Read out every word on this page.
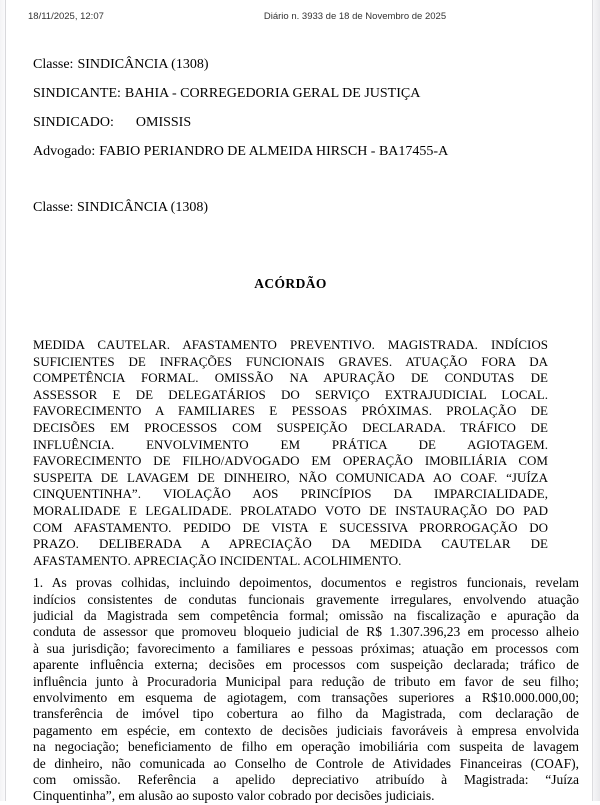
18/11/2025, 12:07	Diário n. 3933 de 18 de Novembro de 2025
Classe: SINDICÂNCIA (1308)
SINDICANTE: BAHIA - CORREGEDORIA GERAL DE JUSTIÇA
SINDICADO: OMISSIS
Advogado: FABIO PERIANDRO DE ALMEIDA HIRSCH - BA17455-A
Classe: SINDICÂNCIA (1308)
ACÓRDÃO
MEDIDA CAUTELAR. AFASTAMENTO PREVENTIVO. MAGISTRADA. INDÍCIOS
SUFICIENTES DE INFRAÇÕES FUNCIONAIS GRAVES. ATUAÇÃO FORA DA
COMPETÊNCIA FORMAL. OMISSÃO NA APURAÇÃO DE CONDUTAS DE
ASSESSOR E DE DELEGATÁRIOS DO SERVIÇO EXTRAJUDICIAL LOCAL.
FAVORECIMENTO A FAMILIARES E PESSOAS PRÓXIMAS. PROLAÇÃO DE
DECISÕES EM PROCESSOS COM SUSPEIÇÃO DECLARADA. TRÁFICO DE
INFLUÊNCIA. ENVOLVIMENTO EM PRÁTICA DE AGIOTAGEM.
FAVORECIMENTO DE FILHO/ADVOGADO EM OPERAÇÃO IMOBILIÁRIA COM
SUSPEITA DE LAVAGEM DE DINHEIRO, NÃO COMUNICADA AO COAF. “JUÍZA
CINQUENTINHA”. VIOLAÇÃO AOS PRINCÍPIOS DA IMPARCIALIDADE,
MORALIDADE E LEGALIDADE. PROLATADO VOTO DE INSTAURAÇÃO DO PAD
COM AFASTAMENTO. PEDIDO DE VISTA E SUCESSIVA PRORROGAÇÃO DO
PRAZO. DELIBERADA A APRECIAÇÃO DA MEDIDA CAUTELAR DE
AFASTAMENTO. APRECIAÇÃO INCIDENTAL. ACOLHIMENTO.
1. As provas colhidas, incluindo depoimentos, documentos e registros funcionais, revelam
indícios consistentes de condutas funcionais gravemente irregulares, envolvendo atuação
judicial da Magistrada sem competência formal; omissão na fiscalização e apuração da
conduta de assessor que promoveu bloqueio judicial de R$ 1.307.396,23 em processo alheio
à sua jurisdição; favorecimento a familiares e pessoas próximas; atuação em processos com
aparente influência externa; decisões em processos com suspeição declarada; tráfico de
influência junto à Procuradoria Municipal para redução de tributo em favor de seu filho;
envolvimento em esquema de agiotagem, com transações superiores a R$10.000.000,00;
transferência de imóvel tipo cobertura ao filho da Magistrada, com declaração de
pagamento em espécie, em contexto de decisões judiciais favoráveis à empresa envolvida
na negociação; beneficiamento de filho em operação imobiliária com suspeita de lavagem
de dinheiro, não comunicada ao Conselho de Controle de Atividades Financeiras (COAF),
com omissão. Referência a apelido depreciativo atribuído à Magistrada: “Juíza
Cinquentinha”, em alusão ao suposto valor cobrado por decisões judiciais.
